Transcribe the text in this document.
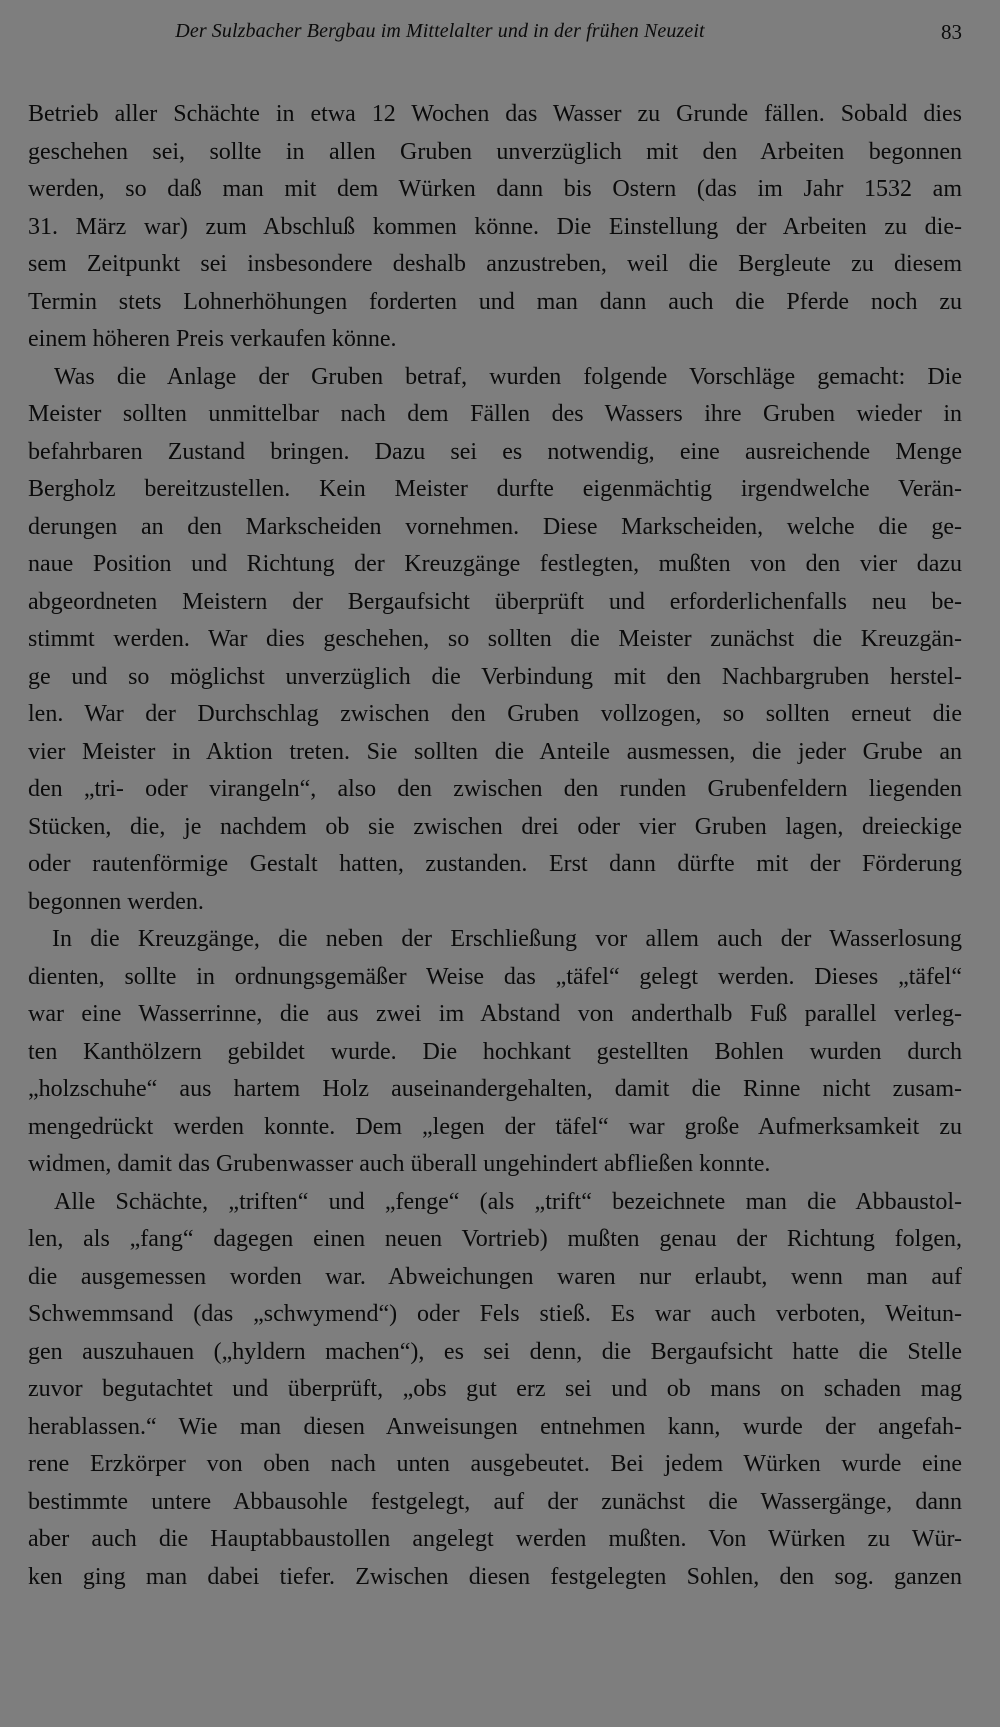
Der Sulzbacher Bergbau im Mittelalter und in der frühen Neuzeit	83
Betrieb aller Schächte in etwa 12 Wochen das Wasser zu Grunde fällen. Sobald dies
geschehen sei, sollte in allen Gruben unverzüglich mit den Arbeiten begonnen
werden, so daß man mit dem Würken dann bis Ostern (das im Jahr 1532 am
31. März war) zum Abschluß kommen könne. Die Einstellung der Arbeiten zu die-
sem Zeitpunkt sei insbesondere deshalb anzustreben, weil die Bergleute zu diesem
Termin stets Lohnerhöhungen forderten und man dann auch die Pferde noch zu
einem höheren Preis verkaufen könne.
Was die Anlage der Gruben betraf, wurden folgende Vorschläge gemacht: Die
Meister sollten unmittelbar nach dem Fällen des Wassers ihre Gruben wieder in
befahrbaren Zustand bringen. Dazu sei es notwendig, eine ausreichende Menge
Bergholz bereitzustellen. Kein Meister durfte eigenmächtig irgendwelche Verän-
derungen an den Markscheiden vornehmen. Diese Markscheiden, welche die ge-
naue Position und Richtung der Kreuzgänge festlegten, mußten von den vier dazu
abgeordneten Meistern der Bergaufsicht überprüft und erforderlichenfalls neu be-
stimmt werden. War dies geschehen, so sollten die Meister zunächst die Kreuzgän-
ge und so möglichst unverzüglich die Verbindung mit den Nachbargruben herstel-
len. War der Durchschlag zwischen den Gruben vollzogen, so sollten erneut die
vier Meister in Aktion treten. Sie sollten die Anteile ausmessen, die jeder Grube an
den „tri- oder virangeln“, also den zwischen den runden Grubenfeldern liegenden
Stücken, die, je nachdem ob sie zwischen drei oder vier Gruben lagen, dreieckige
oder rautenförmige Gestalt hatten, zustanden. Erst dann dürfte mit der Förderung
begonnen werden.
In die Kreuzgänge, die neben der Erschließung vor allem auch der Wasserlosung
dienten, sollte in ordnungsgemäßer Weise das „täfel“ gelegt werden. Dieses „täfel“
war eine Wasserrinne, die aus zwei im Abstand von anderthalb Fuß parallel verleg-
ten Kanthölzern gebildet wurde. Die hochkant gestellten Bohlen wurden durch
„holzschuhe“ aus hartem Holz auseinandergehalten, damit die Rinne nicht zusam-
mengedrückt werden konnte. Dem „legen der täfel“ war große Aufmerksamkeit zu
widmen, damit das Grubenwasser auch überall ungehindert abfließen konnte.
Alle Schächte, „triften“ und „fenge“ (als „trift“ bezeichnete man die Abbaustol-
len, als „fang“ dagegen einen neuen Vortrieb) mußten genau der Richtung folgen,
die ausgemessen worden war. Abweichungen waren nur erlaubt, wenn man auf
Schwemmsand (das „schwymend“) oder Fels stieß. Es war auch verboten, Weitun-
gen auszuhauen („hyldern machen“), es sei denn, die Bergaufsicht hatte die Stelle
zuvor begutachtet und überprüft, „obs gut erz sei und ob mans on schaden mag
herablassen.“ Wie man diesen Anweisungen entnehmen kann, wurde der angefah-
rene Erzkörper von oben nach unten ausgebeutet. Bei jedem Würken wurde eine
bestimmte untere Abbausohle festgelegt, auf der zunächst die Wassergänge, dann
aber auch die Hauptabbaustollen angelegt werden mußten. Von Würken zu Wür-
ken ging man dabei tiefer. Zwischen diesen festgelegten Sohlen, den sog. ganzen
